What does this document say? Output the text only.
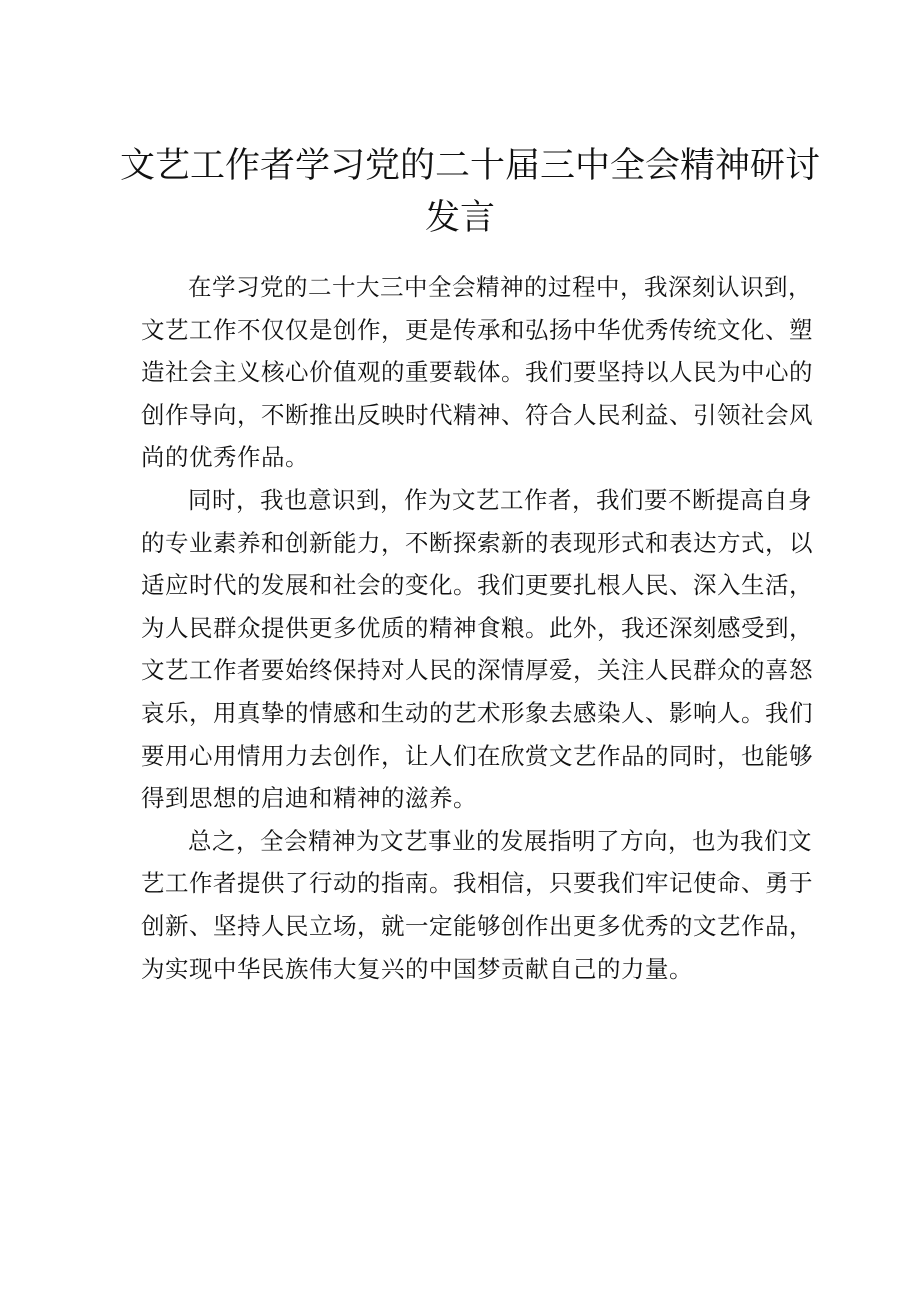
文艺工作者学习党的二十届三中全会精神研讨
发言
在学习党的二十大三中全会精神的过程中，我深刻认识到，
文艺工作不仅仅是创作，更是传承和弘扬中华优秀传统文化、塑
造社会主义核心价值观的重要载体。我们要坚持以人民为中心的
创作导向，不断推出反映时代精神、符合人民利益、引领社会风
尚的优秀作品。
同时，我也意识到，作为文艺工作者，我们要不断提高自身
的专业素养和创新能力，不断探索新的表现形式和表达方式，以
适应时代的发展和社会的变化。我们更要扎根人民、深入生活，
为人民群众提供更多优质的精神食粮。此外，我还深刻感受到，
文艺工作者要始终保持对人民的深情厚爱，关注人民群众的喜怒
哀乐，用真挚的情感和生动的艺术形象去感染人、影响人。我们
要用心用情用力去创作，让人们在欣赏文艺作品的同时，也能够
得到思想的启迪和精神的滋养。
总之，全会精神为文艺事业的发展指明了方向，也为我们文
艺工作者提供了行动的指南。我相信，只要我们牢记使命、勇于
创新、坚持人民立场，就一定能够创作出更多优秀的文艺作品，
为实现中华民族伟大复兴的中国梦贡献自己的力量。
